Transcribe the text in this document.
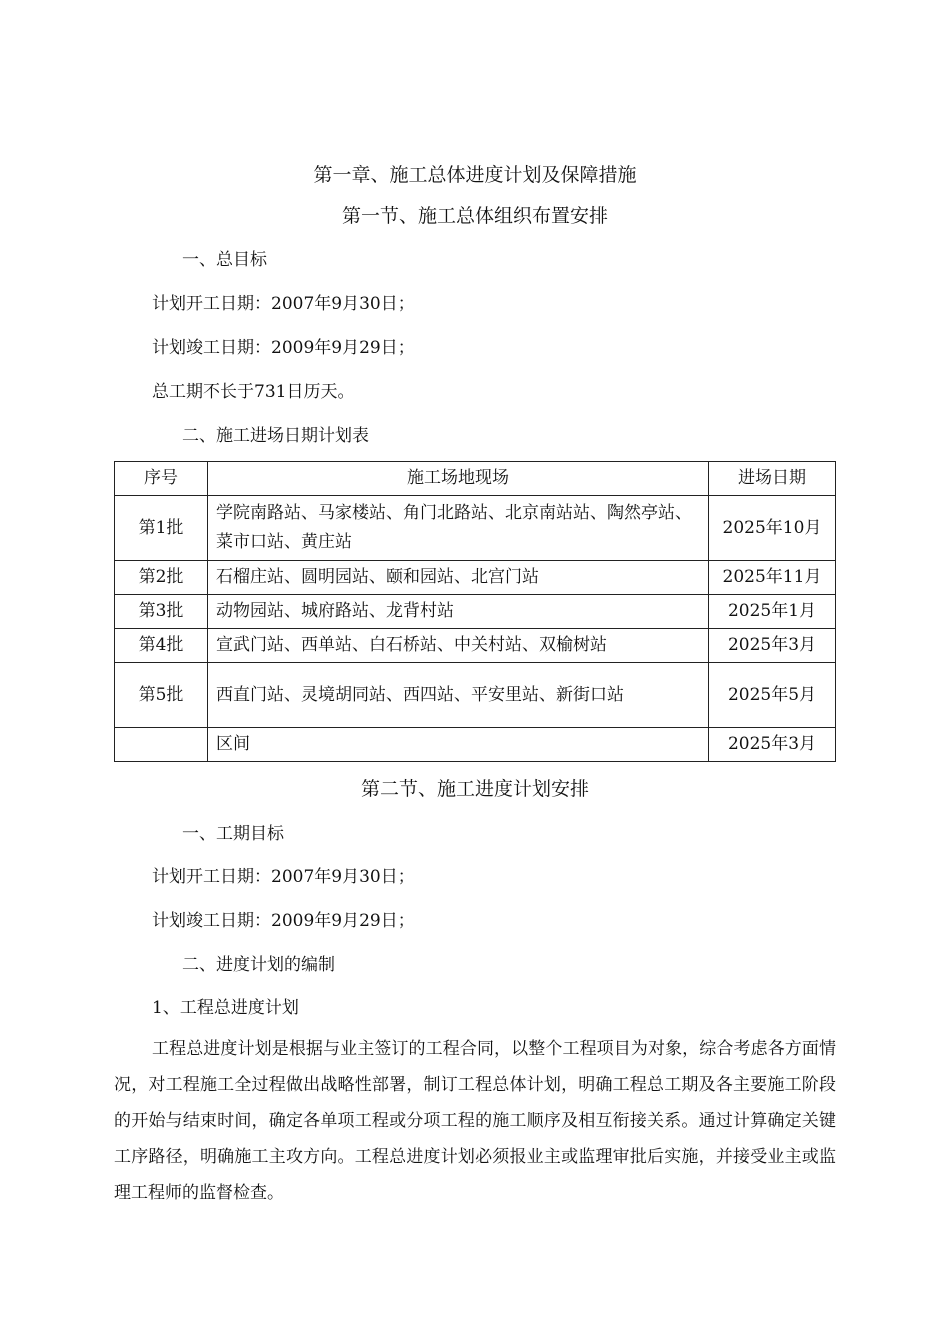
第一章、施工总体进度计划及保障措施
第一节、施工总体组织布置安排
一、总目标
计划开工日期：2007年9月30日；
计划竣工日期：2009年9月29日；
总工期不长于731日历天。
二、施工进场日期计划表
序号	施工场地现场	进场日期
第1批	学院南路站、马家楼站、角门北路站、北京南站站、陶然亭站、菜市口站、黄庄站	2025年10月
第2批	石榴庄站、圆明园站、颐和园站、北宫门站	2025年11月
第3批	动物园站、城府路站、龙背村站	2025年1月
第4批	宣武门站、西单站、白石桥站、中关村站、双榆树站	2025年3月
第5批	西直门站、灵境胡同站、西四站、平安里站、新街口站	2025年5月
	区间	2025年3月
第二节、施工进度计划安排
一、工期目标
计划开工日期：2007年9月30日；
计划竣工日期：2009年9月29日；
二、进度计划的编制
1、工程总进度计划
工程总进度计划是根据与业主签订的工程合同，以整个工程项目为对象，综合考虑各方面情况，对工程施工全过程做出战略性部署，制订工程总体计划，明确工程总工期及各主要施工阶段的开始与结束时间，确定各单项工程或分项工程的施工顺序及相互衔接关系。通过计算确定关键工序路径，明确施工主攻方向。工程总进度计划必须报业主或监理审批后实施，并接受业主或监理工程师的监督检查。
